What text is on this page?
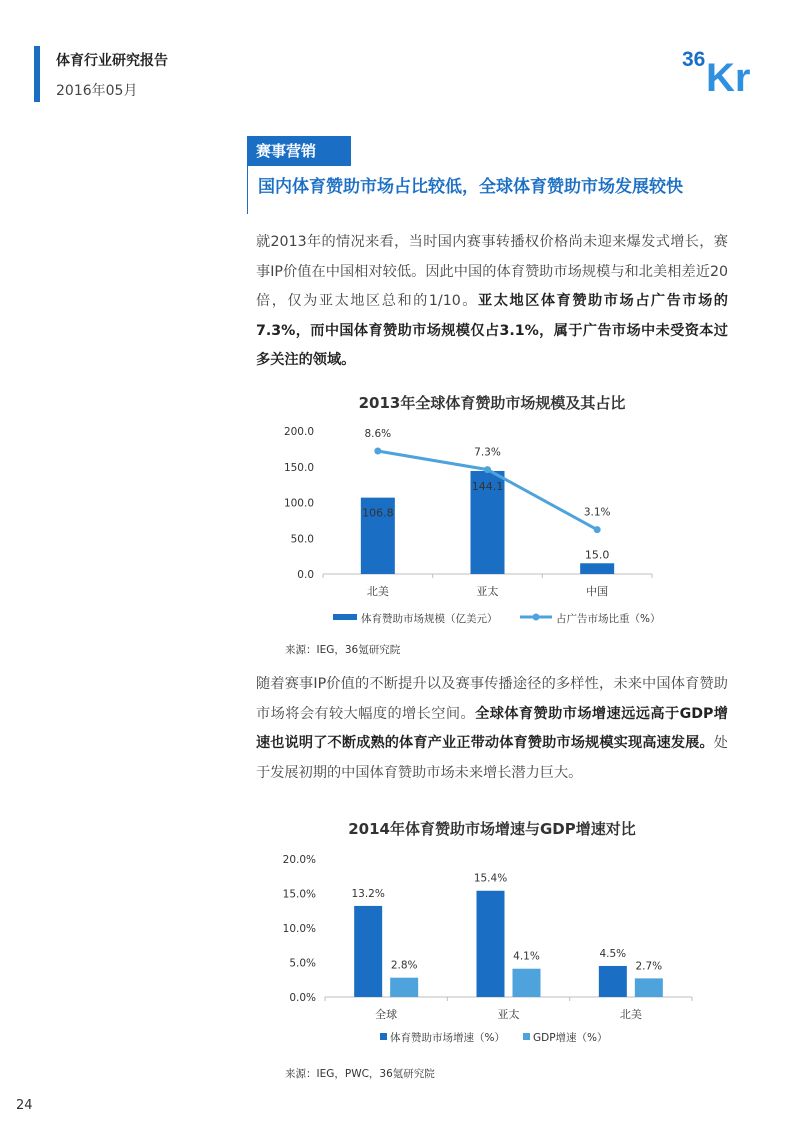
体育行业研究报告
2016年05月
36 Kr
赛事营销
国内体育赞助市场占比较低，全球体育赞助市场发展较快
就2013年的情况来看，当时国内赛事转播权价格尚未迎来爆发式增长，赛事IP价值在中国相对较低。因此中国的体育赞助市场规模与和北美相差近20倍，仅为亚太地区总和的1/10。亚太地区体育赞助市场占广告市场的7.3%，而中国体育赞助市场规模仅占3.1%，属于广告市场中未受资本过多关注的领域。
2013年全球体育赞助市场规模及其占比
200.0
150.0
100.0
50.0
0.0
北美	亚太	中国
106.8
144.1
15.0
8.6%
7.3%
3.1%
体育赞助市场规模（亿美元）	占广告市场比重（%）
来源：IEG，36氪研究院
随着赛事IP价值的不断提升以及赛事传播途径的多样性，未来中国体育赞助市场将会有较大幅度的增长空间。全球体育赞助市场增速远远高于GDP增速也说明了不断成熟的体育产业正带动体育赞助市场规模实现高速发展。处于发展初期的中国体育赞助市场未来增长潜力巨大。
2014年体育赞助市场增速与GDP增速对比
20.0%
15.0%
10.0%
5.0%
0.0%
全球	亚太	北美
13.2%
15.4%
4.5%
2.8%
4.1%
2.7%
体育赞助市场增速（%）	GDP增速（%）
来源：IEG，PWC，36氪研究院
24
